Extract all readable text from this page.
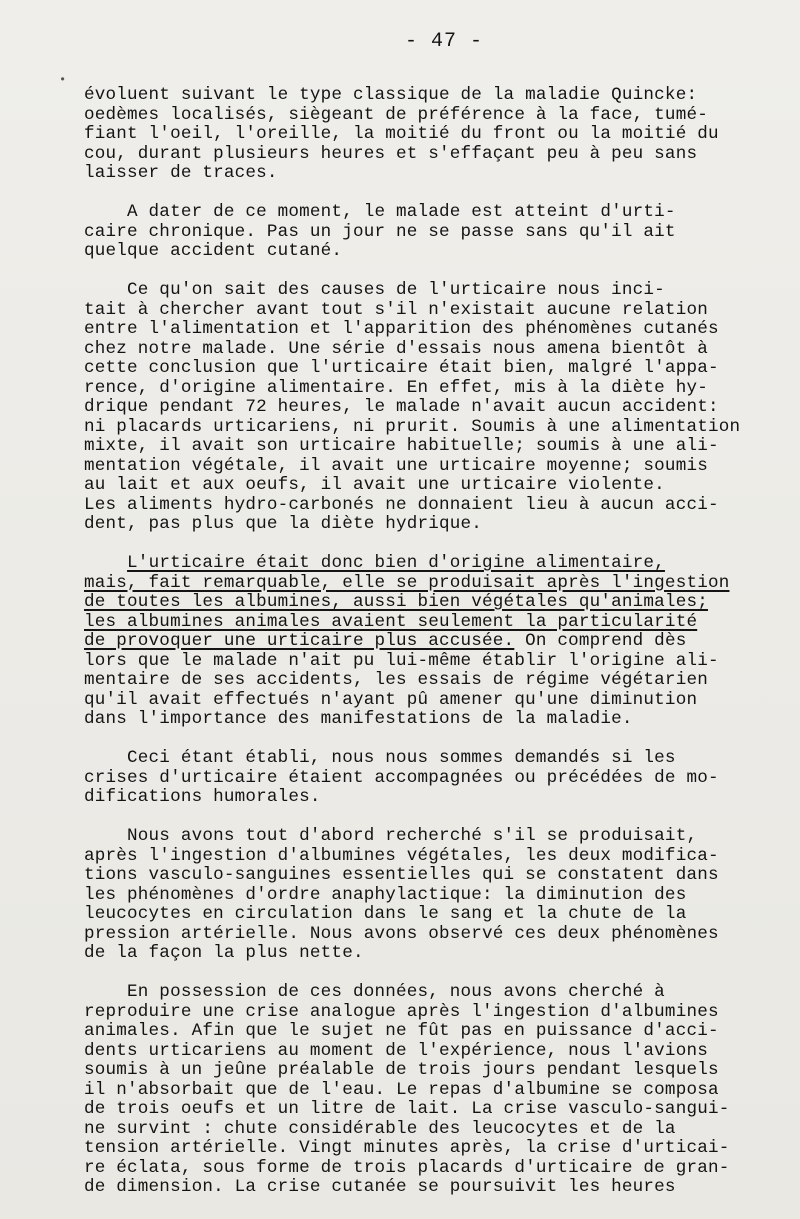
•
- 47 -
évoluent suivant le type classique de la maladie Quincke:
oedèmes localisés, siègeant de préférence à la face, tumé-
fiant l'oeil, l'oreille, la moitié du front ou la moitié du
cou, durant plusieurs heures et s'effaçant peu à peu sans
laisser de traces.
A dater de ce moment, le malade est atteint d'urti-
caire chronique. Pas un jour ne se passe sans qu'il ait
quelque accident cutané.
Ce qu'on sait des causes de l'urticaire nous inci-
tait à chercher avant tout s'il n'existait aucune relation
entre l'alimentation et l'apparition des phénomènes cutanés
chez notre malade. Une série d'essais nous amena bientôt à
cette conclusion que l'urticaire était bien, malgré l'appa-
rence, d'origine alimentaire. En effet, mis à la diète hy-
drique pendant 72 heures, le malade n'avait aucun accident:
ni placards urticariens, ni prurit. Soumis à une alimentation
mixte, il avait son urticaire habituelle; soumis à une ali-
mentation végétale, il avait une urticaire moyenne; soumis
au lait et aux oeufs, il avait une urticaire violente.
Les aliments hydro-carbonés ne donnaient lieu à aucun acci-
dent, pas plus que la diète hydrique.
L'urticaire était donc bien d'origine alimentaire,
mais, fait remarquable, elle se produisait après l'ingestion
de toutes les albumines, aussi bien végétales qu'animales;
les albumines animales avaient seulement la particularité
de provoquer une urticaire plus accusée. On comprend dès
lors que le malade n'ait pu lui-même établir l'origine ali-
mentaire de ses accidents, les essais de régime végétarien
qu'il avait effectués n'ayant pû amener qu'une diminution
dans l'importance des manifestations de la maladie.
Ceci étant établi, nous nous sommes demandés si les
crises d'urticaire étaient accompagnées ou précédées de mo-
difications humorales.
Nous avons tout d'abord recherché s'il se produisait,
après l'ingestion d'albumines végétales, les deux modifica-
tions vasculo-sanguines essentielles qui se constatent dans
les phénomènes d'ordre anaphylactique: la diminution des
leucocytes en circulation dans le sang et la chute de la
pression artérielle. Nous avons observé ces deux phénomènes
de la façon la plus nette.
En possession de ces données, nous avons cherché à
reproduire une crise analogue après l'ingestion d'albumines
animales. Afin que le sujet ne fût pas en puissance d'acci-
dents urticariens au moment de l'expérience, nous l'avions
soumis à un jeûne préalable de trois jours pendant lesquels
il n'absorbait que de l'eau. Le repas d'albumine se composa
de trois oeufs et un litre de lait. La crise vasculo-sangui-
ne survint : chute considérable des leucocytes et de la
tension artérielle. Vingt minutes après, la crise d'urticai-
re éclata, sous forme de trois placards d'urticaire de gran-
de dimension. La crise cutanée se poursuivit les heures
